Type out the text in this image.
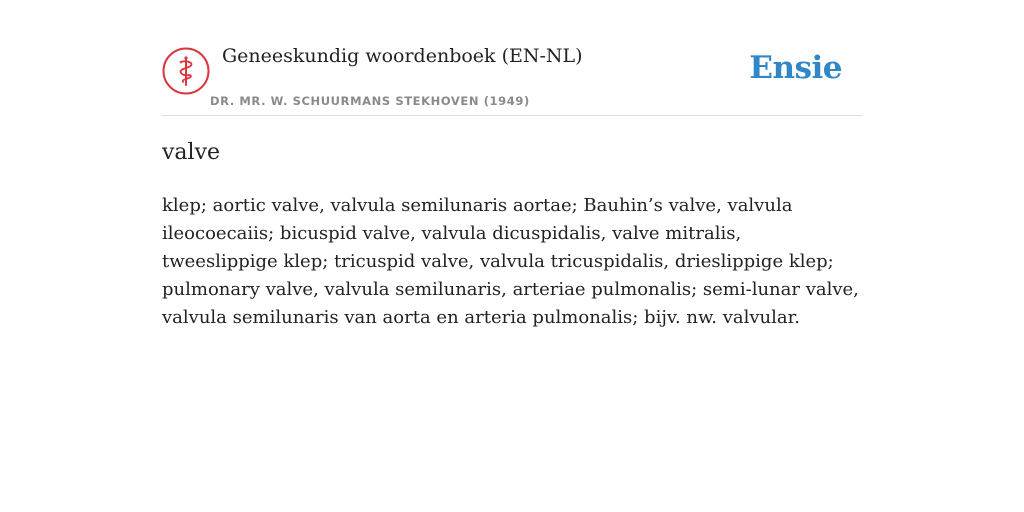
Geneeskundig woordenboek (EN-NL)
DR. MR. W. SCHUURMANS STEKHOVEN (1949)
Ensie
valve

klep; aortic valve, valvula semilunaris aortae; Bauhin’s valve, valvula ileocoecaiis; bicuspid valve, valvula dicuspidalis, valve mitralis, tweeslippige klep; tricuspid valve, valvula tricuspidalis, drieslippige klep; pulmonary valve, valvula semilunaris, arteriae pulmonalis; semi-lunar valve, valvula semilunaris van aorta en arteria pulmonalis; bijv. nw. valvular.
